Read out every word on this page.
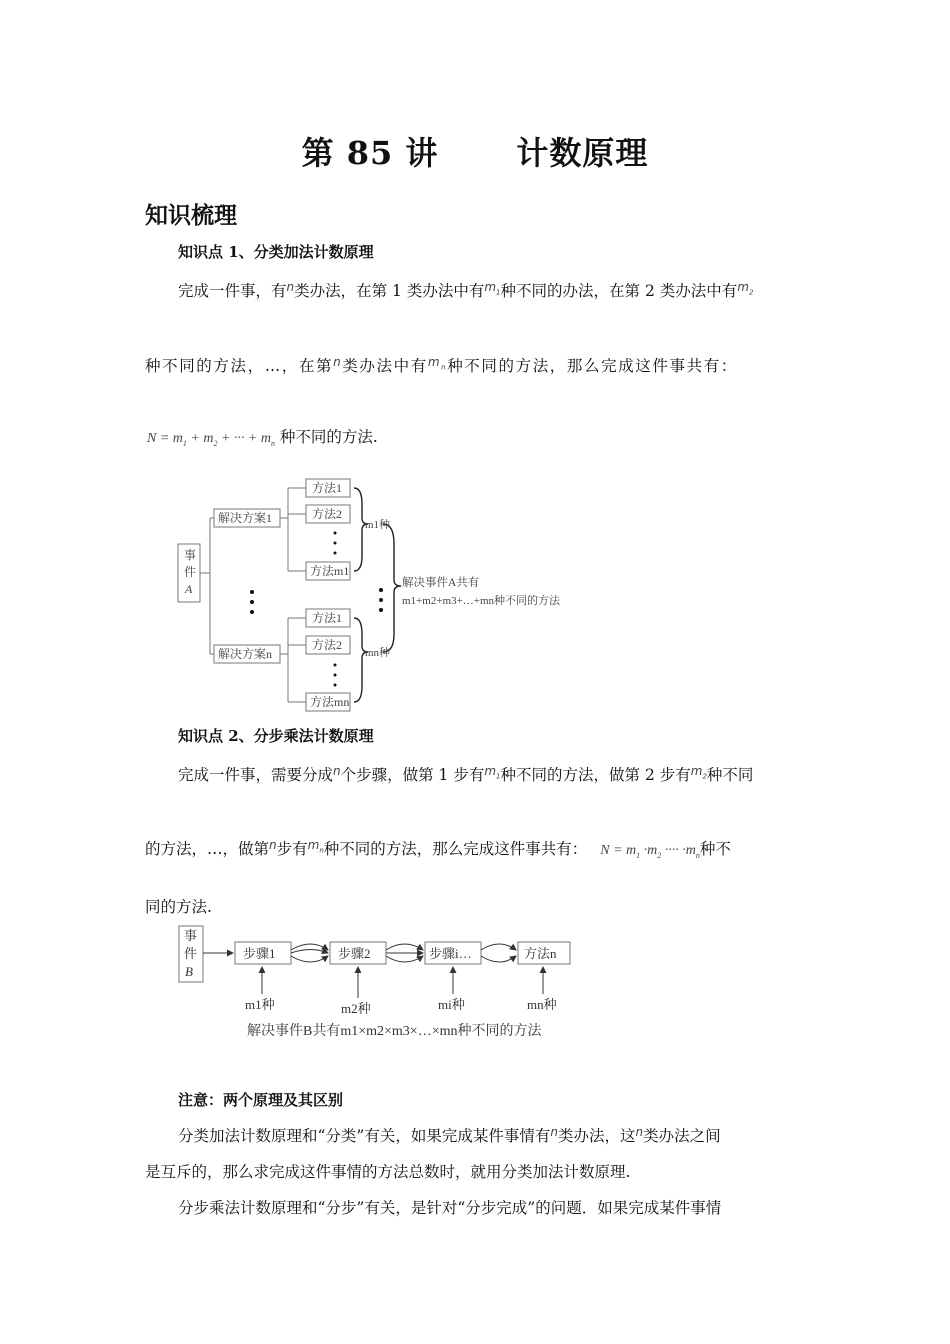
第 85 讲 计数原理
知识梳理
知识点 1、分类加法计数原理
完成一件事，有$^n$类办法，在第 1 类办法中有$^{m_1}$种不同的办法，在第 2 类办法中有$^{m_2}$
种不同的方法，…，在第$^n$类办法中有$^{m_n}$种不同的方法，那么完成这件事共有：
$N = m_1 + m_2$ + ··· + $m_n$ 种不同的方法.
事
件
A
解决方案1
解决方案n
方法1
方法2
方法m1
方法1
方法2
方法mn
m1种
mn种
解决事件A共有
m1+m2+m3+…+mn种不同的方法
知识点 2、分步乘法计数原理
完成一件事，需要分成$^n$个步骤，做第 1 步有$^{m_1}$种不同的方法，做第 2 步有$^{m_2}$种不同
的方法，…，做第$^n$步有$^{m_n}$种不同的方法，那么完成这件事共有： $N = m_1 \cdot m_2$ ···· $\cdot m_n$种不
同的方法.
事
件
B
步骤1	步骤2	步骤i…	方法n
m1种	m2种	mi种	mn种
解决事件B共有m1×m2×m3×…×mn种不同的方法
注意：两个原理及其区别
分类加法计数原理和“分类”有关，如果完成某件事情有$^n$类办法，这$^n$类办法之间
是互斥的，那么求完成这件事情的方法总数时，就用分类加法计数原理.
分步乘法计数原理和“分步”有关，是针对“分步完成”的问题．如果完成某件事情
